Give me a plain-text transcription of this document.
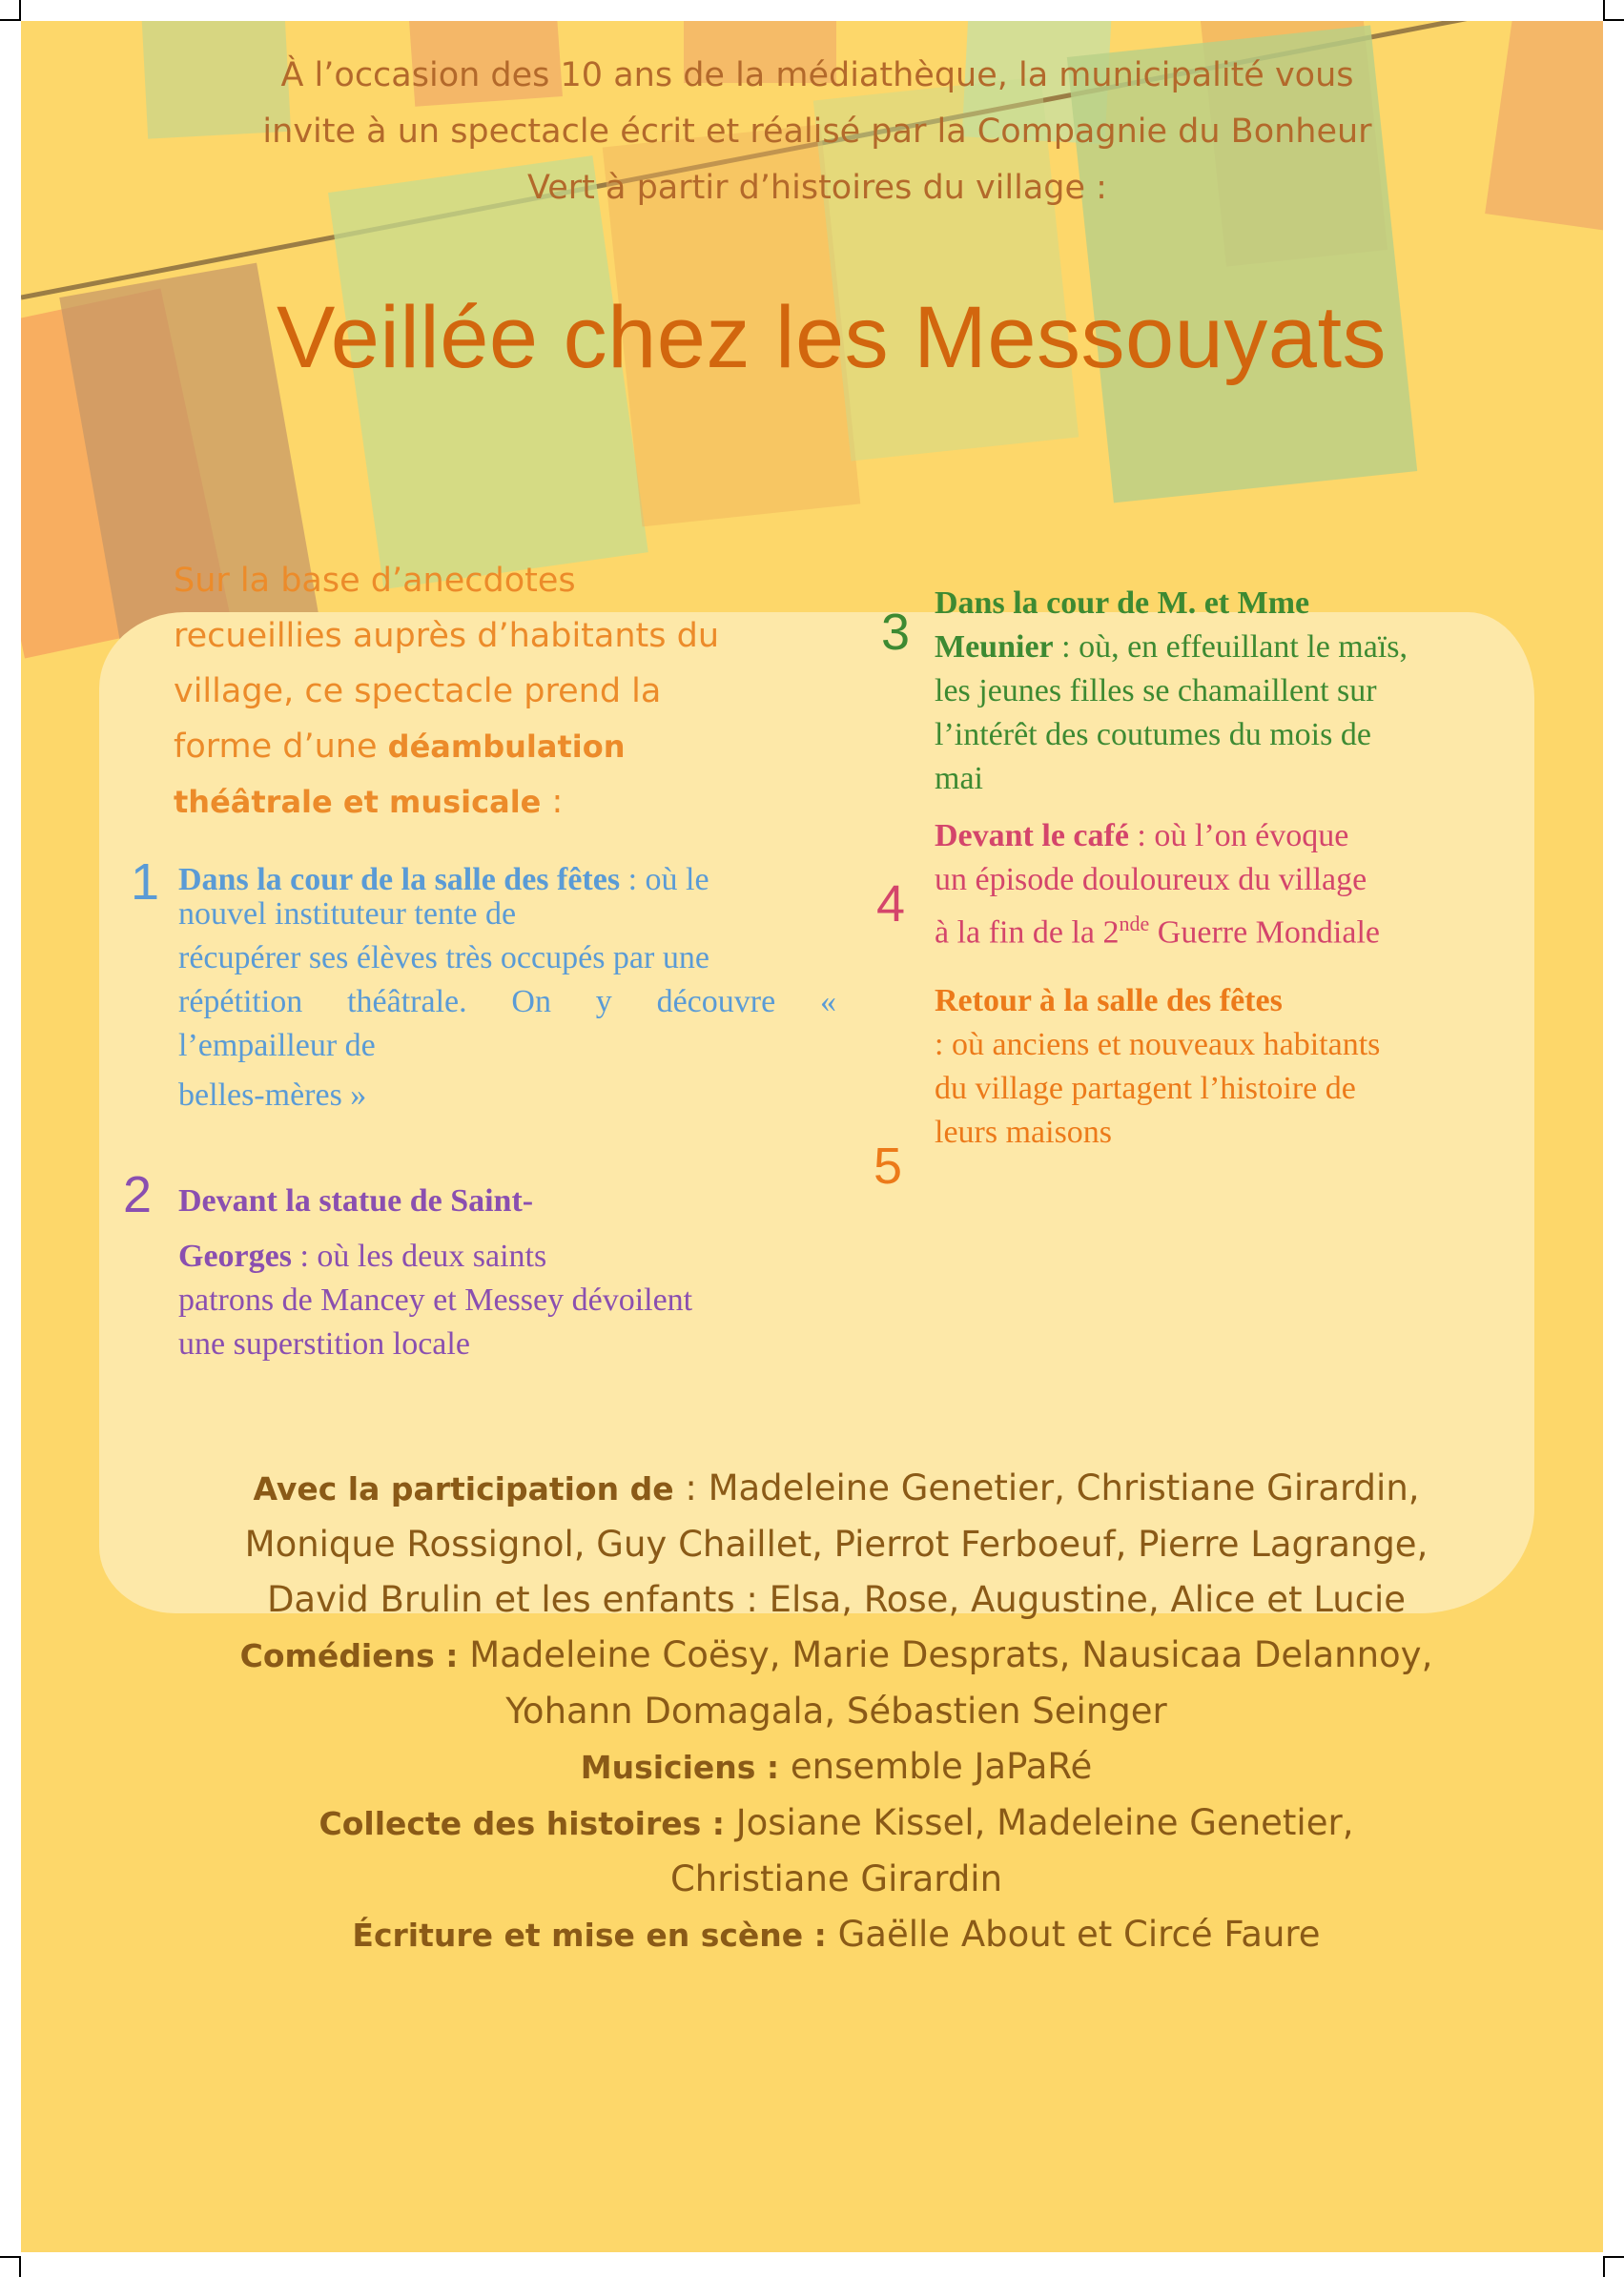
À l’occasion des 10 ans de la médiathèque, la municipalité vous
invite à un spectacle écrit et réalisé par la Compagnie du Bonheur
Vert à partir d’histoires du village :
Veillée chez les Messouyats
Sur la base d’anecdotes
recueillies auprès d’habitants du
village, ce spectacle prend la
forme d’une déambulation
théâtrale et musicale :
1 Dans la cour de la salle des fêtes : où le
nouvel instituteur tente de
récupérer ses élèves très occupés par une
répétition théâtrale. On y découvre «
l’empailleur de
belles-mères »
2 Devant la statue de Saint-
Georges : où les deux saints
patrons de Mancey et Messey dévoilent
une superstition locale
3
Dans la cour de M. et Mme
Meunier : où, en effeuillant le maïs,
les jeunes filles se chamaillent sur
l’intérêt des coutumes du mois de
mai
4
Devant le café : où l’on évoque
un épisode douloureux du village
à la fin de la 2nde Guerre Mondiale
5
Retour à la salle des fêtes
: où anciens et nouveaux habitants
du village partagent l’histoire de
leurs maisons
Avec la participation de : Madeleine Genetier, Christiane Girardin,
Monique Rossignol, Guy Chaillet, Pierrot Ferboeuf, Pierre Lagrange,
David Brulin et les enfants : Elsa, Rose, Augustine, Alice et Lucie
Comédiens : Madeleine Coësy, Marie Desprats, Nausicaa Delannoy,
Yohann Domagala, Sébastien Seinger
Musiciens : ensemble JaPaRé
Collecte des histoires : Josiane Kissel, Madeleine Genetier,
Christiane Girardin
Écriture et mise en scène : Gaëlle About et Circé Faure
